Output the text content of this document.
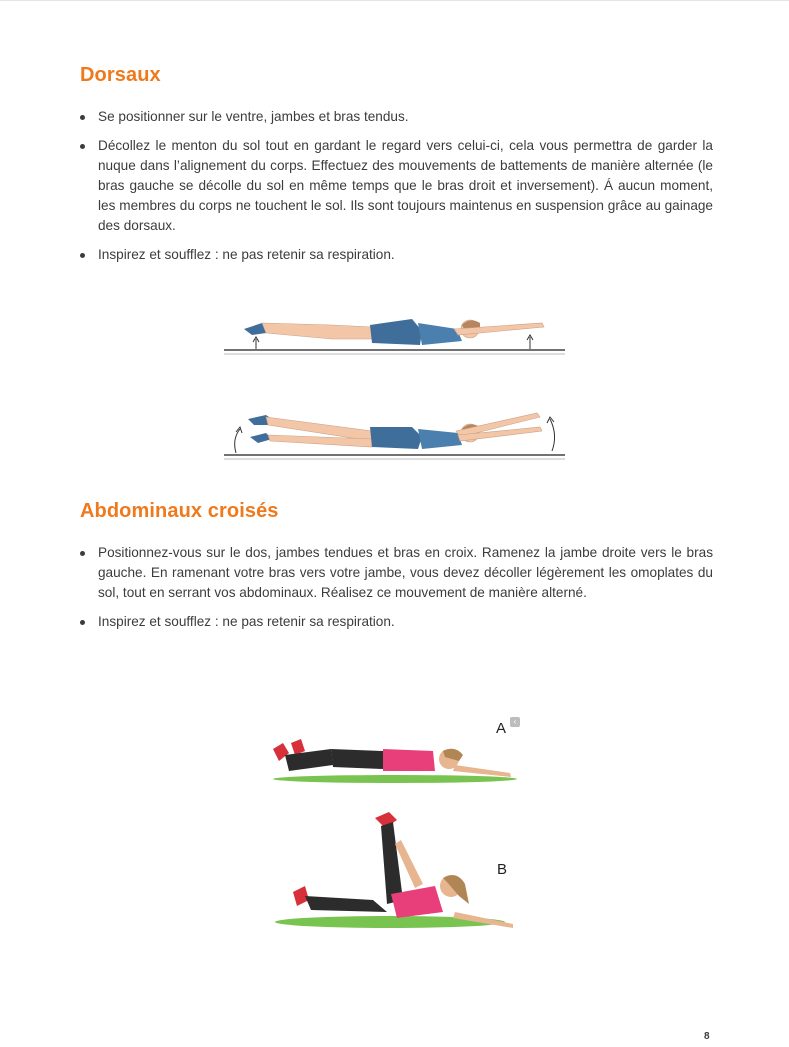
Dorsaux
Se positionner sur le ventre, jambes et bras tendus.
Décollez le menton du sol tout en gardant le regard vers celui-ci, cela vous permettra de garder la nuque dans l’alignement du corps. Effectuez des mouvements de battements de manière alternée (le bras gauche se décolle du sol en même temps que le bras droit et inversement). Á aucun moment, les membres du corps ne touchent le sol. Ils sont toujours maintenus en suspension grâce au gainage des dorsaux.
Inspirez et soufflez : ne pas retenir sa respiration.
Abdominaux croisés
Positionnez-vous sur le dos, jambes tendues et bras en croix. Ramenez la jambe droite vers le bras gauche. En ramenant votre bras vers votre jambe, vous devez décoller légèrement les omoplates du sol, tout en serrant vos abdominaux. Réalisez ce mouvement de manière alterné.
Inspirez et soufflez : ne pas retenir sa respiration.
A ‹
B
8
